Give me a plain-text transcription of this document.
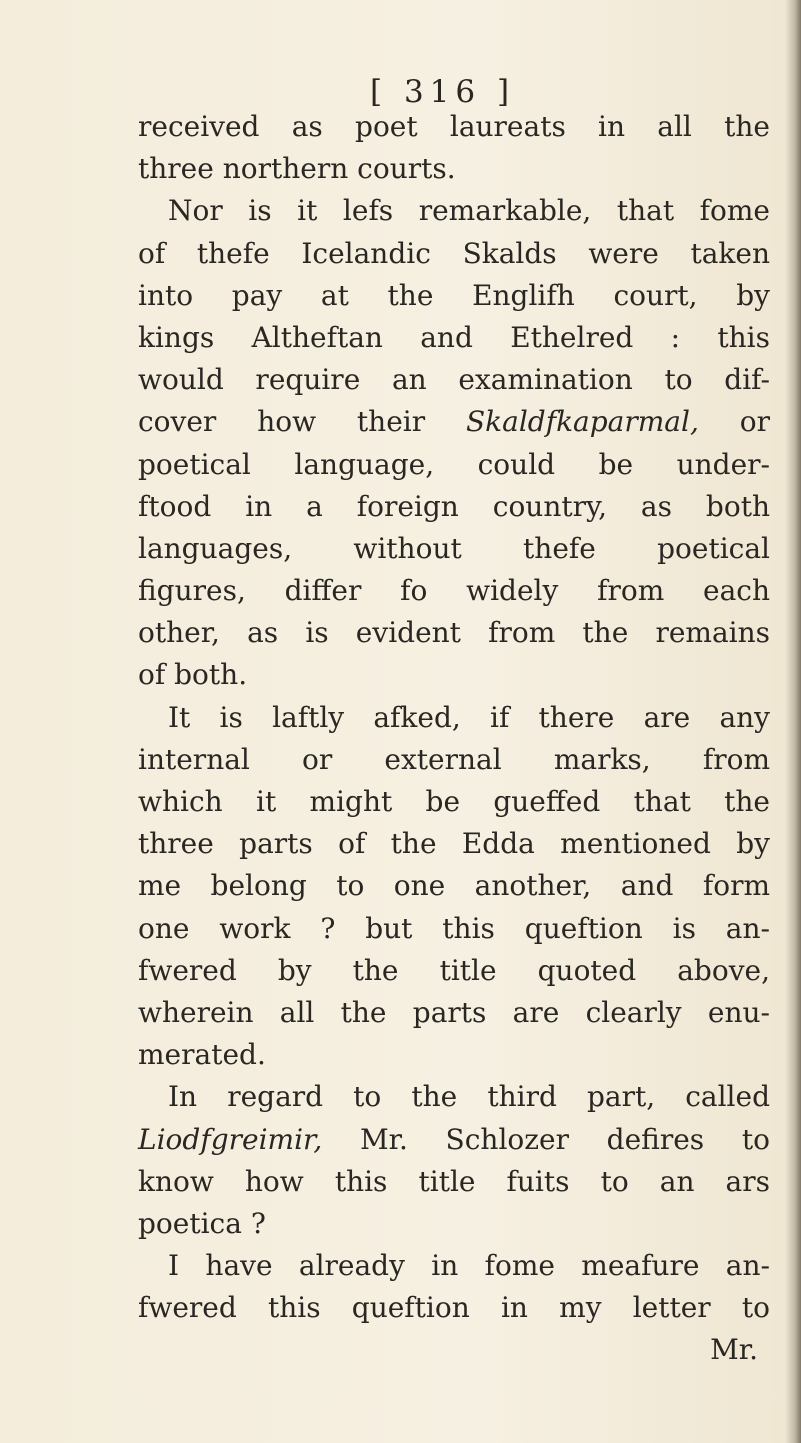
[ 316 ]
received as poet laureats in all the
three northern courts.
Nor is it lefs remarkable, that fome
of thefe Icelandic Skalds were taken
into pay at the Englifh court, by
kings Altheftan and Ethelred : this
would require an examination to dif-
cover how their Skaldfkaparmal, or
poetical language, could be under-
ftood in a foreign country, as both
languages, without thefe poetical
figures, differ fo widely from each
other, as is evident from the remains
of both.
It is laftly afked, if there are any
internal or external marks, from
which it might be gueffed that the
three parts of the Edda mentioned by
me belong to one another, and form
one work ? but this queftion is an-
fwered by the title quoted above,
wherein all the parts are clearly enu-
merated.
In regard to the third part, called
Liodfgreimir, Mr. Schlozer defires to
know how this title fuits to an ars
poetica ?
I have already in fome meafure an-
fwered this queftion in my letter to
Mr.
